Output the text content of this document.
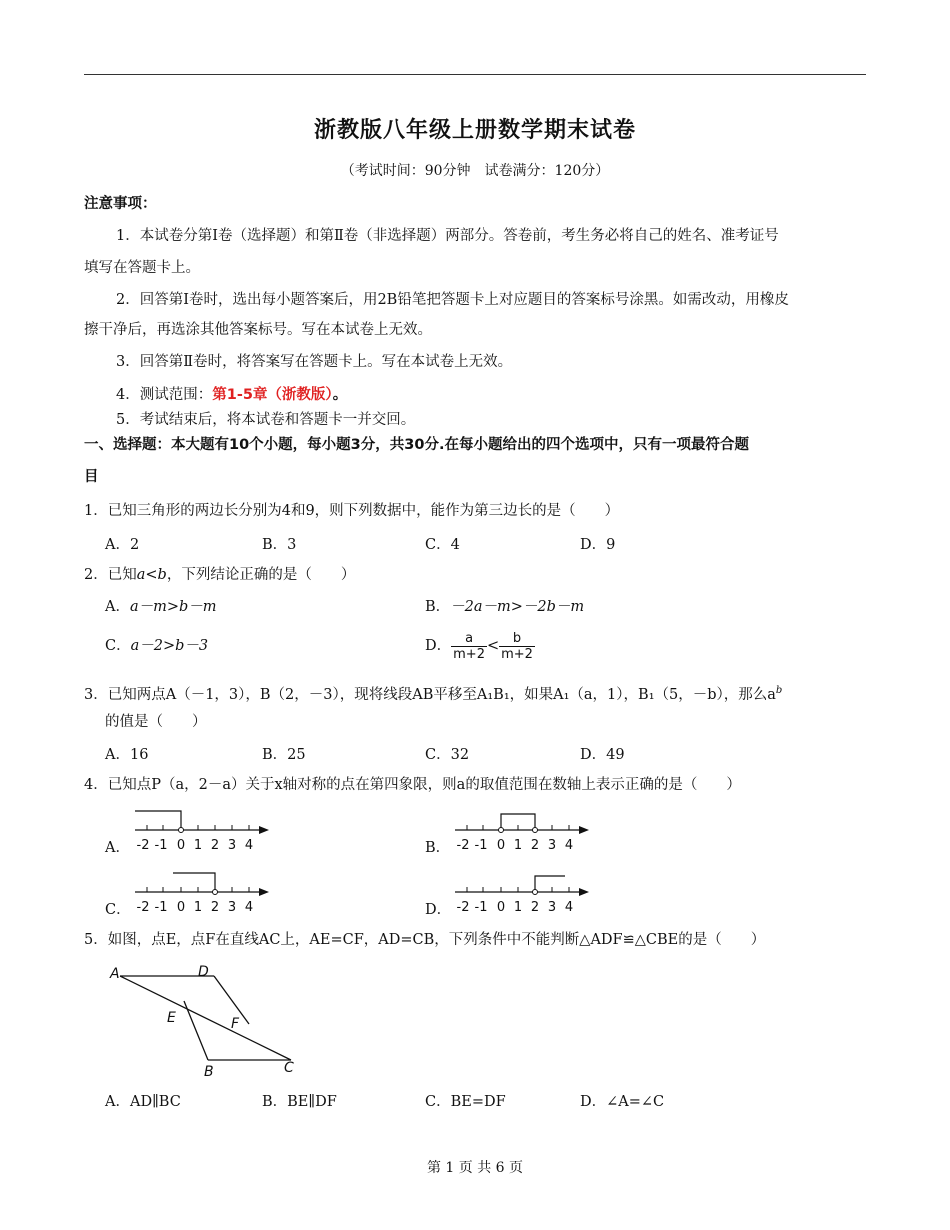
浙教版八年级上册数学期末试卷
（考试时间：90分钟　试卷满分：120分）
注意事项：
1．本试卷分第Ⅰ卷（选择题）和第Ⅱ卷（非选择题）两部分。答卷前，考生务必将自己的姓名、准考证号
填写在答题卡上。
2．回答第Ⅰ卷时，选出每小题答案后，用2B铅笔把答题卡上对应题目的答案标号涂黑。如需改动，用橡皮
擦干净后，再选涂其他答案标号。写在本试卷上无效。
3．回答第Ⅱ卷时，将答案写在答题卡上。写在本试卷上无效。
4．测试范围：第1-5章（浙教版）。
5．考试结束后，将本试卷和答题卡一并交回。
一、选择题：本大题有10个小题，每小题3分，共30分.在每小题给出的四个选项中，只有一项最符合题
目
1．已知三角形的两边长分别为4和9，则下列数据中，能作为第三边长的是（　　）
A．2	B．3	C．4	D．9
2．已知a<b，下列结论正确的是（　　）
A．a－m>b－m	B．－2a－m>－2b－m
C．a－2>b－3	D． $\frac{a}{m+2} < \frac{b}{m+2}$
3．已知两点A（－1，3），B（2，－3），现将线段AB平移至A₁B₁，如果A₁（a，1），B₁（5，－b），那么$a^b$
的值是（　　）
A．16	B．25	C．32	D．49
4．已知点P（a，2－a）关于x轴对称的点在第四象限，则a的取值范围在数轴上表示正确的是（　　）
A．	B．
C．	D．
-2 -1 0 1 2 3 4	-2 -1 0 1 2 3 4
-2 -1 0 1 2 3 4	-2 -1 0 1 2 3 4
5．如图，点E，点F在直线AC上，AE=CF，AD=CB，下列条件中不能判断△ADF≌△CBE的是（　　）
A	D
E	F
B	C
A．AD∥BC	B．BE∥DF	C．BE=DF	D．∠A=∠C
第 1 页 共 6 页
